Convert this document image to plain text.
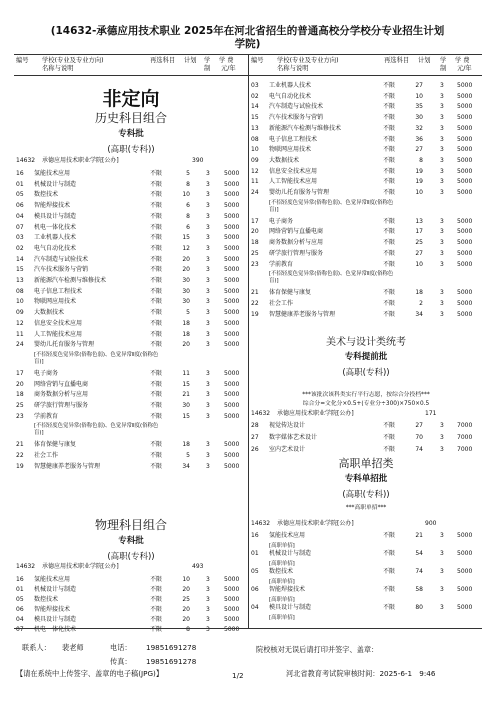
(14632-承德应用技术职业 2025年在河北省招生的普通高校分学校分专业招生计划
学院)
编号 学校(专业及专业方向)
名称与说明
再选科目 计划 学
制
学 费
元/年
编号 学校(专业及专业方向)
名称与说明
再选科目 计划 学
制
学 费
元/年
非定向
历史科目组合
专科批
(高职(专科))
14632 承德应用技术职业学院[公办]	390
16 氢能技术应用	不限	5	3 5000
01 机械设计与制造	不限	8	3 5000
05 数控技术	不限	10	3 5000
06 智能焊接技术	不限	6	3 5000
04 模具设计与制造	不限	8	3 5000
07 机电一体化技术	不限	6	3 5000
03 工业机器人技术	不限	15	3 5000
02 电气自动化技术	不限	12	3 5000
14 汽车制造与试验技术	不限	20	3 5000
15 汽车技术服务与营销	不限	20	3 5000
13 新能源汽车检测与维修技术	不限	30	3 5000
08 电子信息工程技术	不限	30	3 5000
10 物联网应用技术	不限	30	3 5000
09 大数据技术	不限	5	3 5000
12 信息安全技术应用	不限	18	3 5000
11 人工智能技术应用	不限	18	3 5000
24 婴幼儿托育服务与管理	不限	20	3 5000
[不招轻度色觉异常(俗称色弱)、色觉异常Ⅱ度(俗称色盲)]
17 电子商务	不限	11	3 5000
20 网络营销与直播电商	不限	15	3 5000
18 商务数据分析与应用	不限	21	3 5000
25 研学旅行管理与服务	不限	30	3 5000
23 学前教育	不限	15	3 5000
[不招轻度色觉异常(俗称色弱)、色觉异常Ⅱ度(俗称色盲)]
21 体育保健与康复	不限	18	3 5000
22 社会工作	不限	5	3 5000
19 智慧健康养老服务与管理	不限	34	3 5000
物理科目组合
专科批
(高职(专科))
14632 承德应用技术职业学院[公办]	493
16 氢能技术应用	不限	10	3 5000
01 机械设计与制造	不限	20	3 5000
05 数控技术	不限	25	3 5000
06 智能焊接技术	不限	20	3 5000
04 模具设计与制造	不限	20	3 5000
07 机电一体化技术	不限	8	3 5000
03 工业机器人技术	不限	27	3 5000
02 电气自动化技术	不限	10	3 5000
14 汽车制造与试验技术	不限	35	3 5000
15 汽车技术服务与营销	不限	30	3 5000
13 新能源汽车检测与维修技术	不限	32	3 5000
08 电子信息工程技术	不限	36	3 5000
10 物联网应用技术	不限	27	3 5000
09 大数据技术	不限	8	3 5000
12 信息安全技术应用	不限	19	3 5000
11 人工智能技术应用	不限	19	3 5000
24 婴幼儿托育服务与管理	不限	10	3 5000
[不招轻度色觉异常(俗称色弱)、色觉异常Ⅱ度(俗称色盲)]
17 电子商务	不限	13	3 5000
20 网络营销与直播电商	不限	17	3 5000
18 商务数据分析与应用	不限	25	3 5000
25 研学旅行管理与服务	不限	27	3 5000
23 学前教育	不限	10	3 5000
[不招轻度色觉异常(俗称色弱)、色觉异常Ⅱ度(俗称色盲)]
21 体育保健与康复	不限	18	3 5000
22 社会工作	不限	2	3 5000
19 智慧健康养老服务与管理	不限	34	3 5000
美术与设计类统考
专科提前批
(高职(专科))
***该批次该科类实行平行志愿，按综合分投档***
综合分=文化分×0.5+(专业分÷300)×750×0.5
14632 承德应用技术职业学院[公办]	171
28 视觉传达设计	不限	27	3 7000
27 数字媒体艺术设计	不限	70	3 7000
26 室内艺术设计	不限	74	3 7000
高职单招类
专科单招批
(高职(专科))
***高职单招***
14632 承德应用技术职业学院[公办]	900
16 氢能技术应用	不限	21	3 5000
[高职单招]
01 机械设计与制造	不限	54	3 5000
[高职单招]
05 数控技术	不限	74	3 5000
[高职单招]
06 智能焊接技术	不限	58	3 5000
[高职单招]
04 模具设计与制造	不限	80	3 5000
[高职单招]
联系人： 裴老师	电话： 19851691278
传真： 19851691278
院校核对无误后请打印并签字、盖章：
【请在系统中上传签字、盖章的电子稿(JPG)】	1/2	河北省教育考试院审核时间：2025-6-1　9:46
